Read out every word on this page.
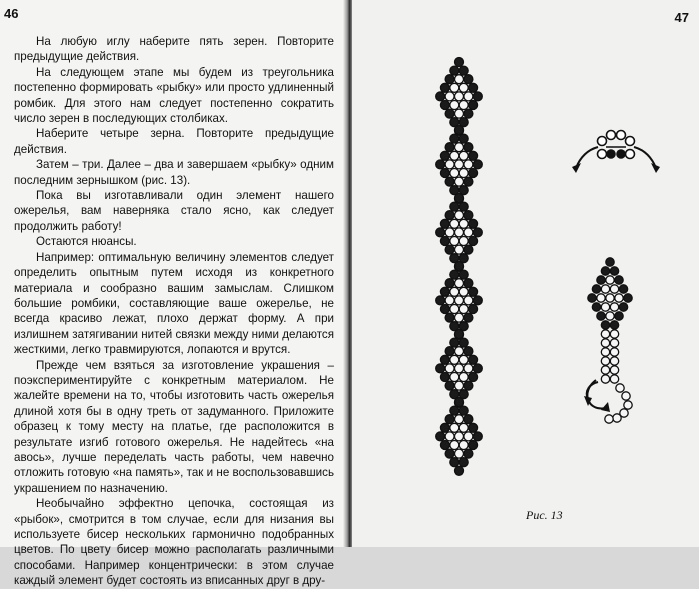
46

На любую иглу наберите пять зерен. Повторите предыдущие действия.

На следующем этапе мы будем из треугольника постепенно формировать «рыбку» или просто удлиненный ромбик. Для этого нам следует постепенно сократить число зерен в последующих столбиках.

Наберите четыре зерна. Повторите предыдущие действия.

Затем – три. Далее – два и завершаем «рыбку» одним последним зернышком (рис. 13).

Пока вы изготавливали один элемент нашего ожерелья, вам наверняка стало ясно, как следует продолжить работу!

Остаются нюансы.

Например: оптимальную величину элементов следует определить опытным путем исходя из конкретного материала и сообразно вашим замыслам. Слишком большие ромбики, составляющие ваше ожерелье, не всегда красиво лежат, плохо держат форму. А при излишнем затягивании нитей связки между ними делаются жесткими, легко травмируются, лопаются и врутся.

Прежде чем взяться за изготовление украшения – поэкспериментируйте с конкретным материалом. Не жалейте времени на то, чтобы изготовить часть ожерелья длиной хотя бы в одну треть от задуманного. Приложите образец к тому месту на платье, где расположится в результате изгиб готового ожерелья. Не надейтесь «на авось», лучше переделать часть работы, чем навечно отложить готовую «на память», так и не воспользовавшись украшением по назначению.

Необычайно эффектно цепочка, состоящая из «рыбок», смотрится в том случае, если для низания вы используете бисер нескольких гармонично подобранных цветов. По цвету бисер можно располагать различными способами. Например концентрически: в этом случае каждый элемент будет состоять из вписанных друг в дру-

47
Рис. 13
